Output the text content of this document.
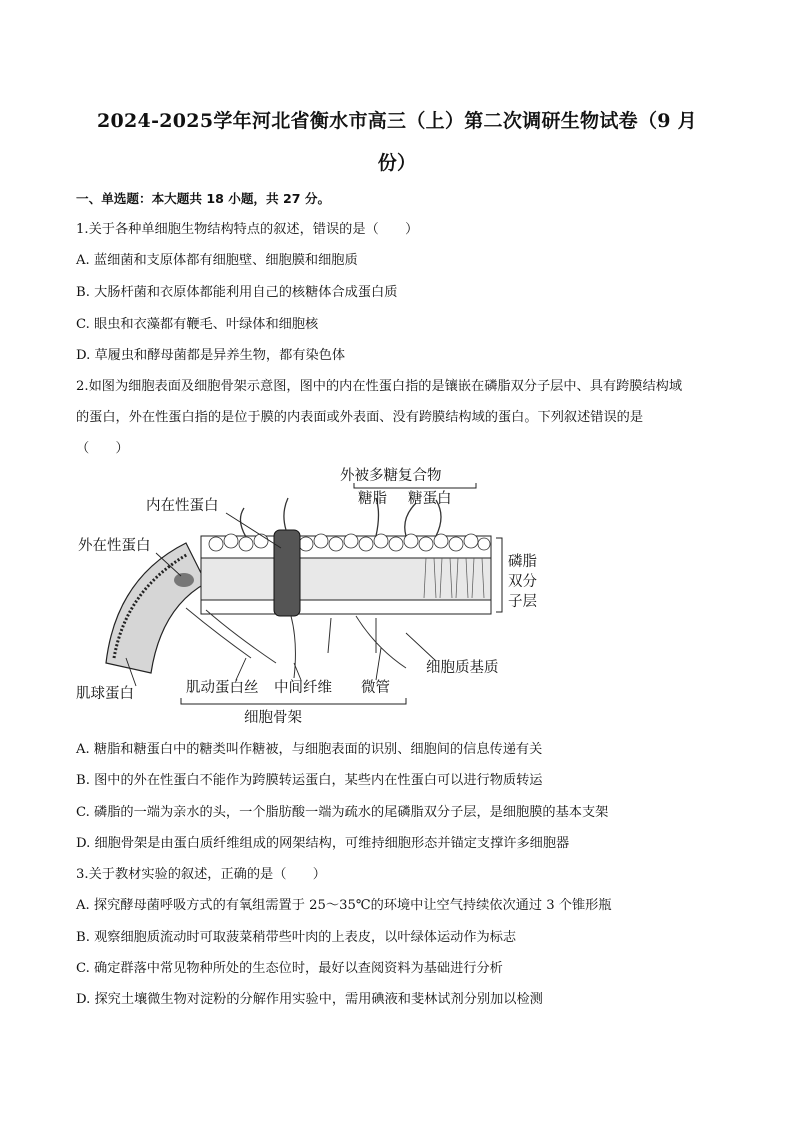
2024-2025学年河北省衡水市高三（上）第二次调研生物试卷（9 月
份）
一、单选题：本大题共 18 小题，共 27 分。
1.关于各种单细胞生物结构特点的叙述，错误的是（　　）
A. 蓝细菌和支原体都有细胞壁、细胞膜和细胞质
B. 大肠杆菌和衣原体都能利用自己的核糖体合成蛋白质
C. 眼虫和衣藻都有鞭毛、叶绿体和细胞核
D. 草履虫和酵母菌都是异养生物，都有染色体
2.如图为细胞表面及细胞骨架示意图，图中的内在性蛋白指的是镶嵌在磷脂双分子层中、具有跨膜结构域
的蛋白，外在性蛋白指的是位于膜的内表面或外表面、没有跨膜结构域的蛋白。下列叙述错误的是
（　　）
外被多糖复合物
糖脂 糖蛋白
内在性蛋白
外在性蛋白
磷脂
双分
子层
细胞质基质
肌球蛋白	肌动蛋白丝 中间纤维 微管
细胞骨架
A. 糖脂和糖蛋白中的糖类叫作糖被，与细胞表面的识别、细胞间的信息传递有关
B. 图中的外在性蛋白不能作为跨膜转运蛋白，某些内在性蛋白可以进行物质转运
C. 磷脂的一端为亲水的头，一个脂肪酸一端为疏水的尾磷脂双分子层，是细胞膜的基本支架
D. 细胞骨架是由蛋白质纤维组成的网架结构，可维持细胞形态并锚定支撑许多细胞器
3.关于教材实验的叙述，正确的是（　　）
A. 探究酵母菌呼吸方式的有氧组需置于 25～35℃的环境中让空气持续依次通过 3 个锥形瓶
B. 观察细胞质流动时可取菠菜稍带些叶肉的上表皮，以叶绿体运动作为标志
C. 确定群落中常见物种所处的生态位时，最好以查阅资料为基础进行分析
D. 探究土壤微生物对淀粉的分解作用实验中，需用碘液和斐林试剂分别加以检测
